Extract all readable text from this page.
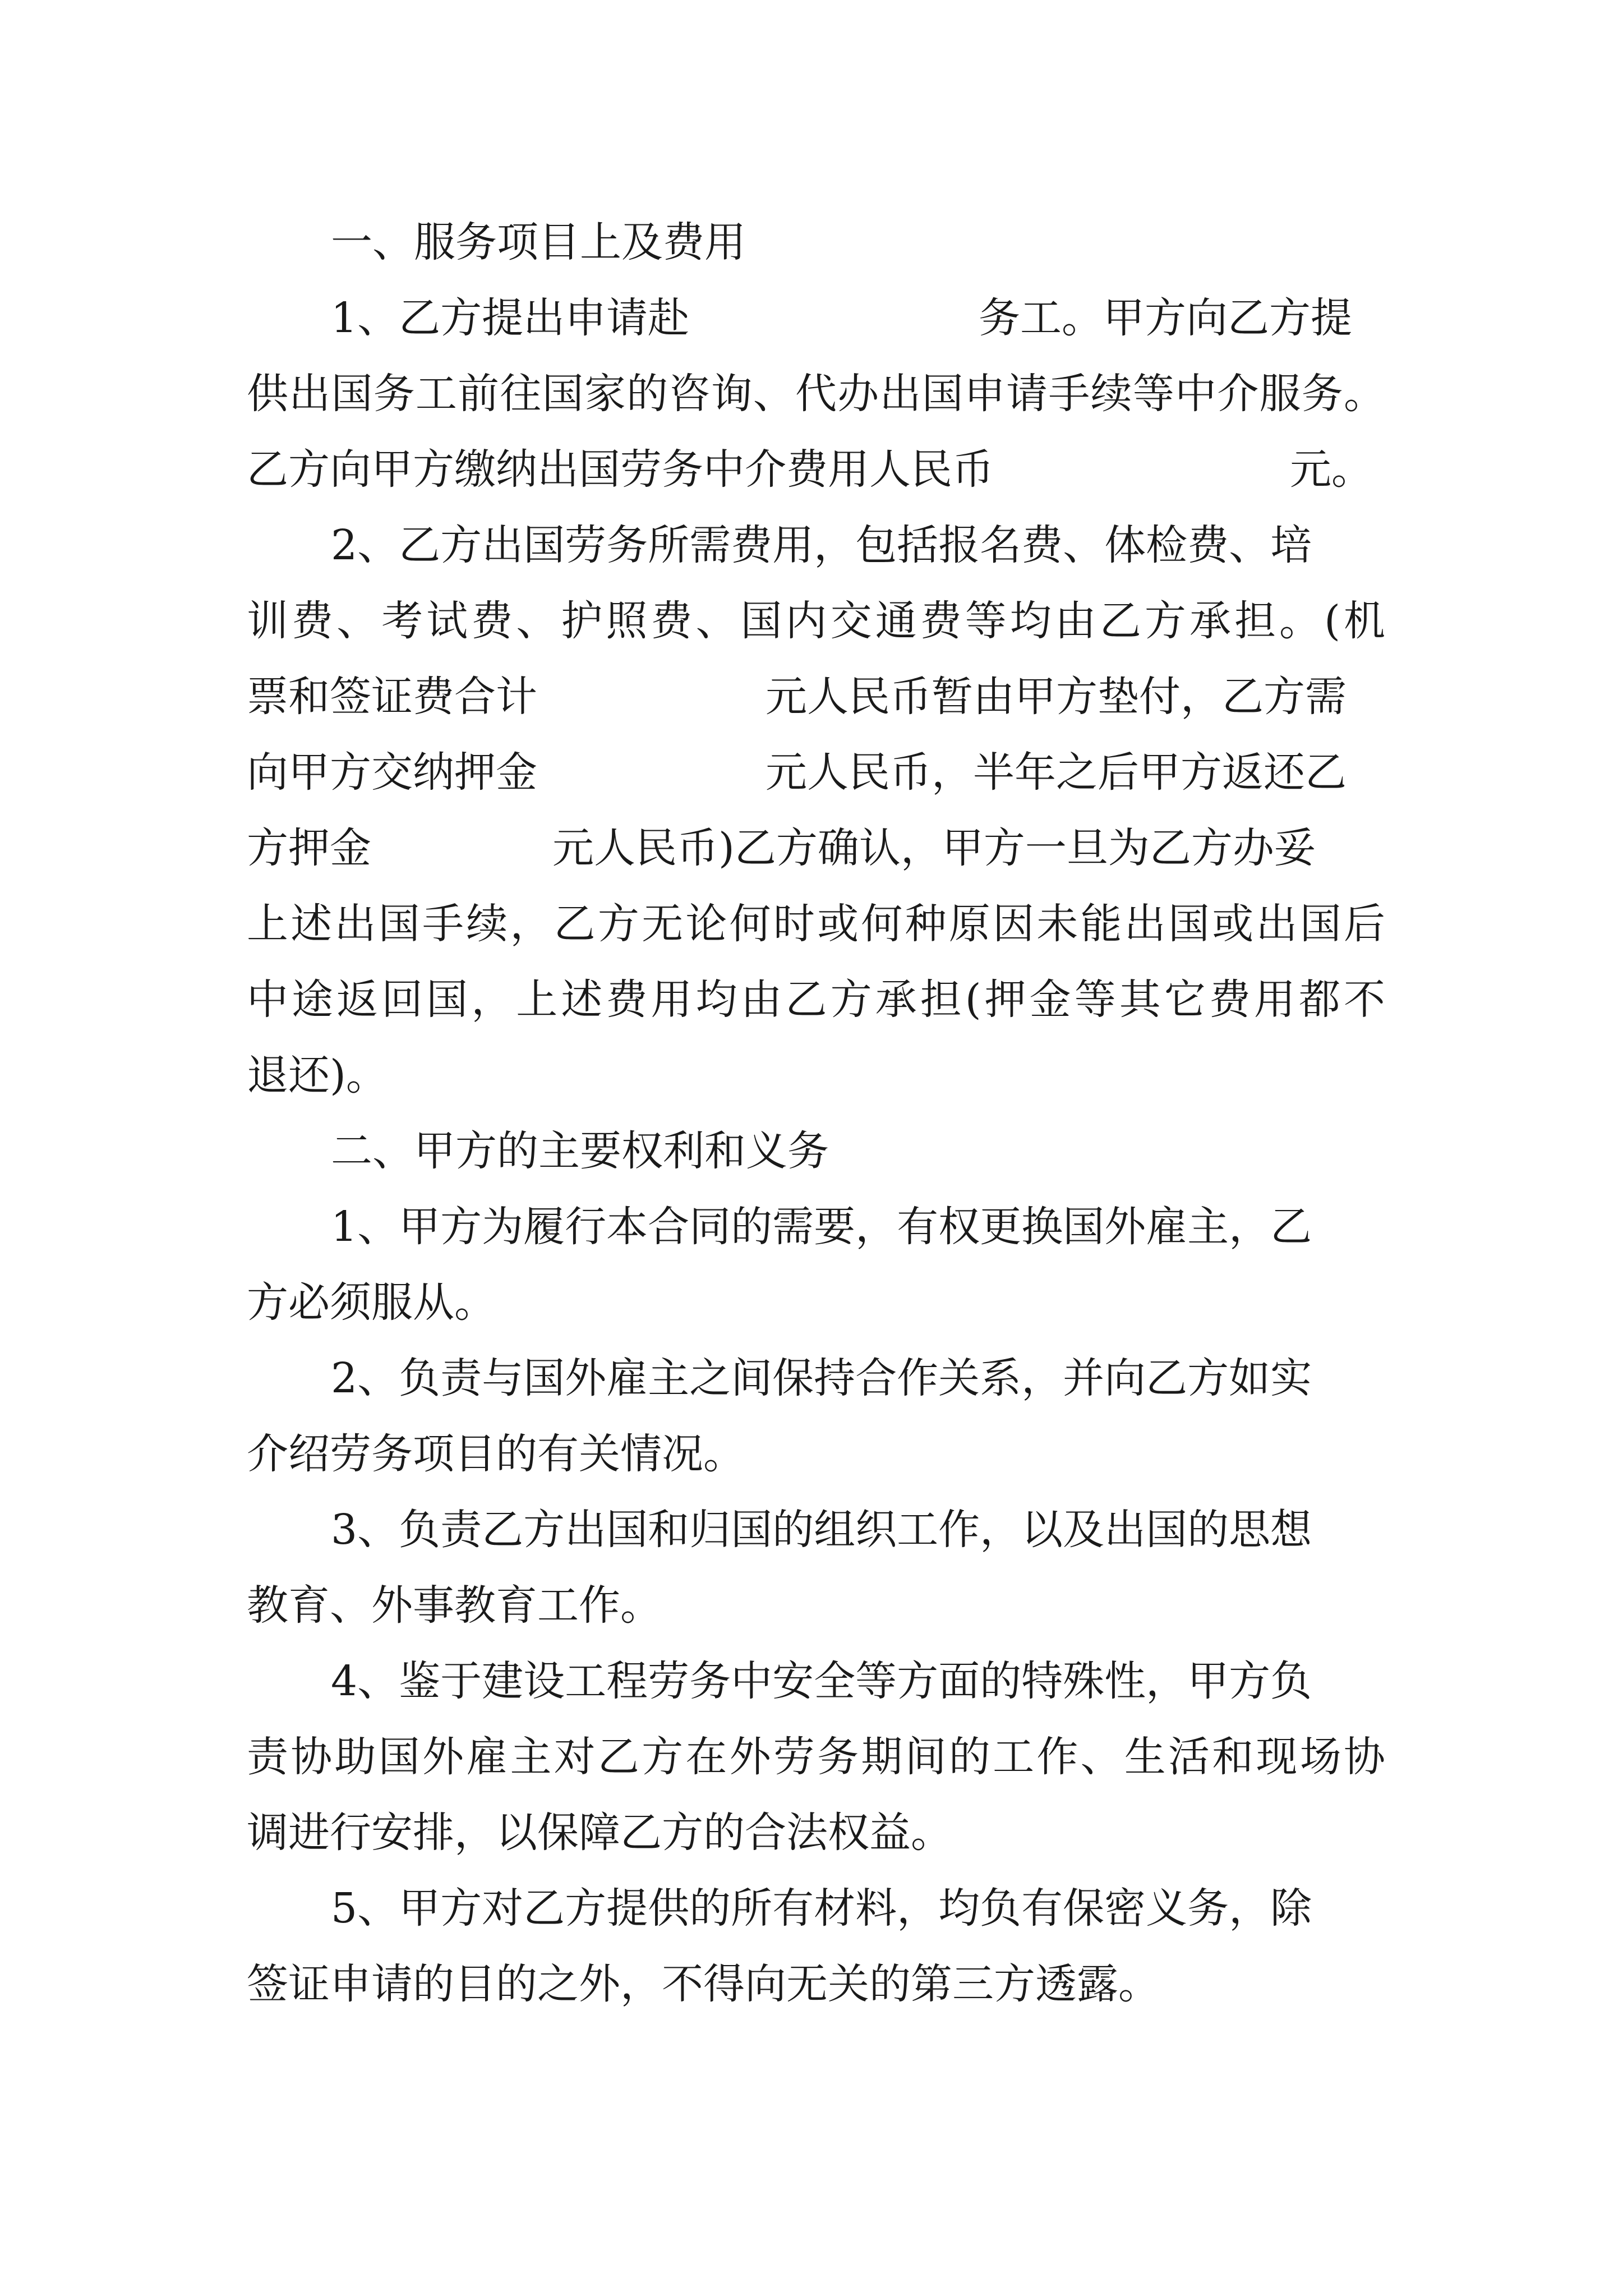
一、服务项目上及费用
1、乙方提出申请赴	务工。甲方向乙方提
供出国务工前往国家的咨询、代办出国申请手续等中介服务。
乙方向甲方缴纳出国劳务中介费用人民币	元。
2、乙方出国劳务所需费用，包括报名费、体检费、培
训费、考试费、护照费、国内交通费等均由乙方承担。(机
票和签证费合计	元人民币暂由甲方垫付，乙方需
向甲方交纳押金	元人民币，半年之后甲方返还乙
方押金	元人民币)乙方确认，甲方一旦为乙方办妥
上述出国手续，乙方无论何时或何种原因未能出国或出国后
中途返回国，上述费用均由乙方承担(押金等其它费用都不
退还)。
二、甲方的主要权利和义务
1、甲方为履行本合同的需要，有权更换国外雇主，乙
方必须服从。
2、负责与国外雇主之间保持合作关系，并向乙方如实
介绍劳务项目的有关情况。
3、负责乙方出国和归国的组织工作，以及出国的思想
教育、外事教育工作。
4、鉴于建设工程劳务中安全等方面的特殊性，甲方负
责协助国外雇主对乙方在外劳务期间的工作、生活和现场协
调进行安排，以保障乙方的合法权益。
5、甲方对乙方提供的所有材料，均负有保密义务，除
签证申请的目的之外，不得向无关的第三方透露。
